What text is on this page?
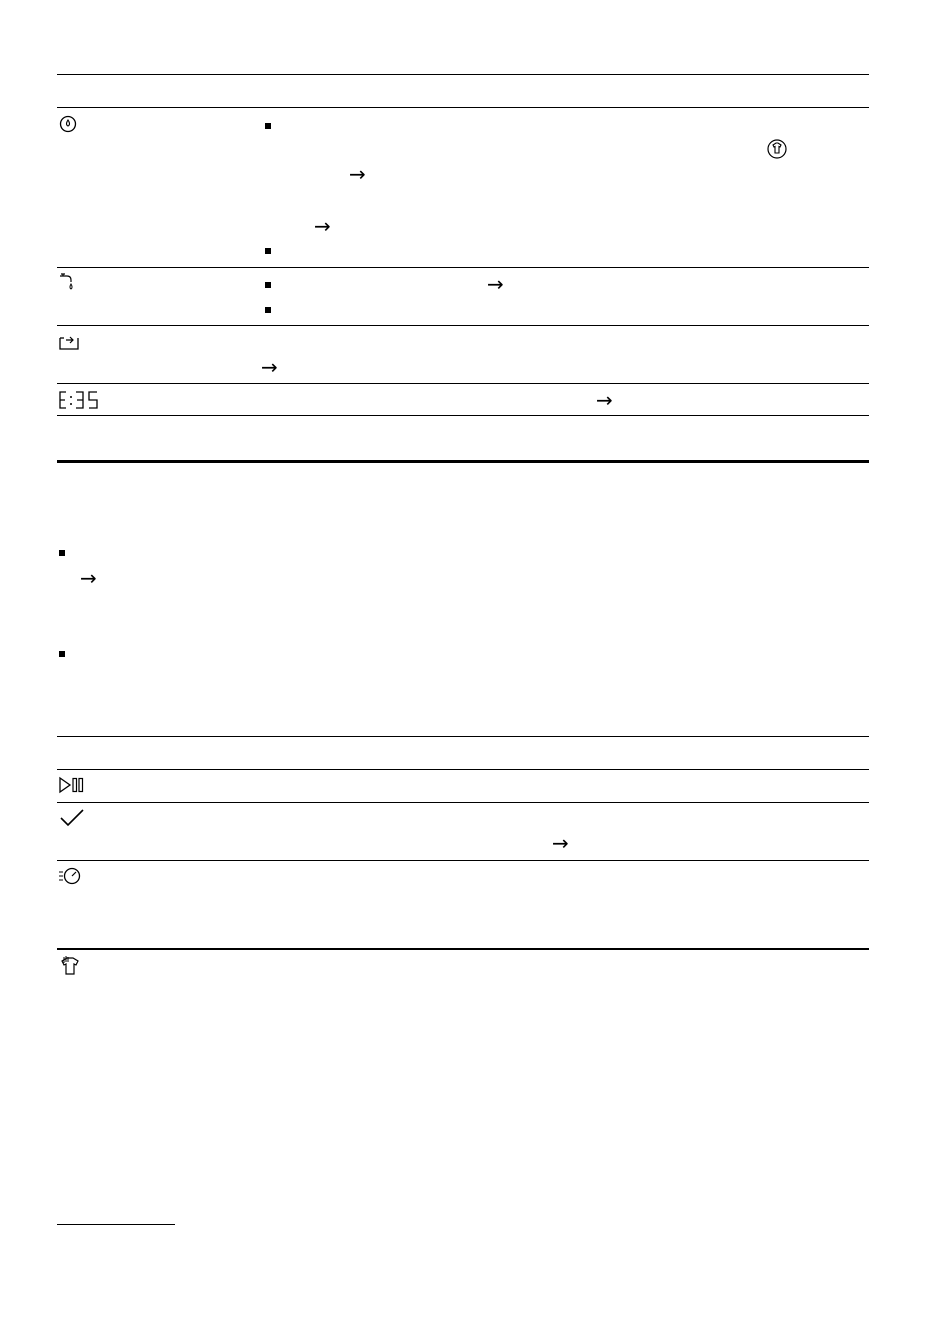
→
→
→
→
→
→
→
